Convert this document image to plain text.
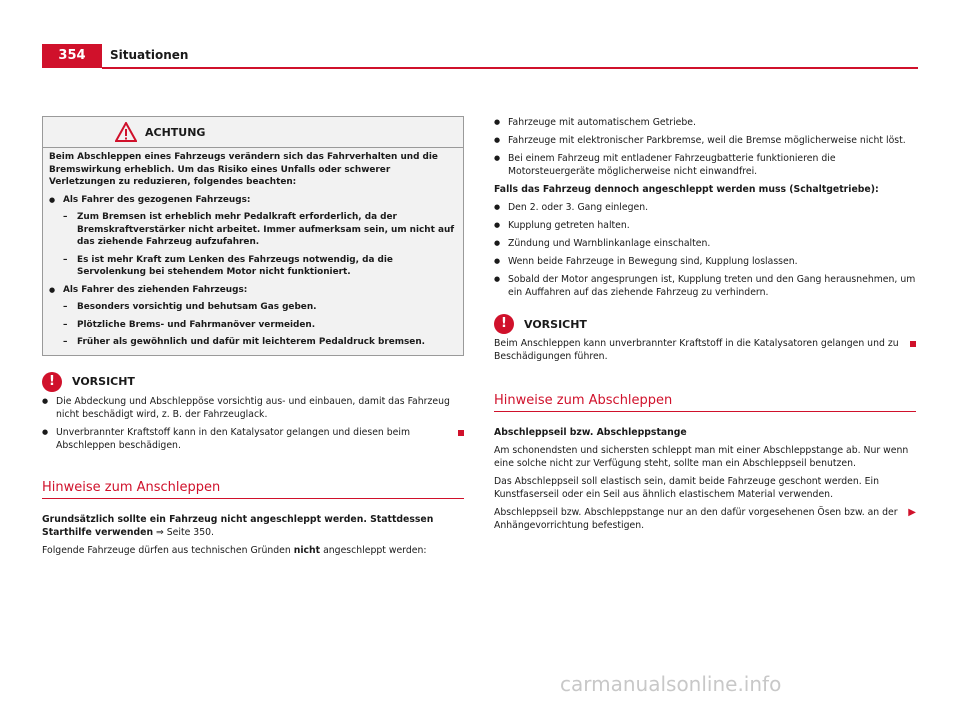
354	Situationen
ACHTUNG

Beim Abschleppen eines Fahrzeugs verändern sich das Fahrverhalten und die Bremswirkung erheblich. Um das Risiko eines Unfalls oder schwerer Verletzungen zu reduzieren, folgendes beachten:

● Als Fahrer des gezogenen Fahrzeugs:
– Zum Bremsen ist erheblich mehr Pedalkraft erforderlich, da der Bremskraftverstärker nicht arbeitet. Immer aufmerksam sein, um nicht auf das ziehende Fahrzeug aufzufahren.
– Es ist mehr Kraft zum Lenken des Fahrzeugs notwendig, da die Servolenkung bei stehendem Motor nicht funktioniert.
● Als Fahrer des ziehenden Fahrzeugs:
– Besonders vorsichtig und behutsam Gas geben.
– Plötzliche Brems- und Fahrmanöver vermeiden.
– Früher als gewöhnlich und dafür mit leichterem Pedaldruck bremsen.
!	VORSICHT
● Die Abdeckung und Abschleppöse vorsichtig aus- und einbauen, damit das Fahrzeug nicht beschädigt wird, z. B. der Fahrzeuglack.
● Unverbrannter Kraftstoff kann in den Katalysator gelangen und diesen beim Abschleppen beschädigen.
Hinweise zum Anschleppen

Grundsätzlich sollte ein Fahrzeug nicht angeschleppt werden. Stattdessen Starthilfe verwenden ⇒ Seite 350.

Folgende Fahrzeuge dürfen aus technischen Gründen nicht angeschleppt werden:

● Fahrzeuge mit automatischem Getriebe.
● Fahrzeuge mit elektronischer Parkbremse, weil die Bremse möglicherweise nicht löst.
● Bei einem Fahrzeug mit entladener Fahrzeugbatterie funktionieren die Motorsteuergeräte möglicherweise nicht einwandfrei.

Falls das Fahrzeug dennoch angeschleppt werden muss (Schaltgetriebe):

● Den 2. oder 3. Gang einlegen.
● Kupplung getreten halten.
● Zündung und Warnblinkanlage einschalten.
● Wenn beide Fahrzeuge in Bewegung sind, Kupplung loslassen.
● Sobald der Motor angesprungen ist, Kupplung treten und den Gang herausnehmen, um ein Auffahren auf das ziehende Fahrzeug zu verhindern.
!	VORSICHT

Beim Anschleppen kann unverbrannter Kraftstoff in die Katalysatoren gelangen und zu Beschädigungen führen.

Hinweise zum Abschleppen

Abschleppseil bzw. Abschleppstange

Am schonendsten und sichersten schleppt man mit einer Abschleppstange ab. Nur wenn eine solche nicht zur Verfügung steht, sollte man ein Abschleppseil benutzen.

Das Abschleppseil soll elastisch sein, damit beide Fahrzeuge geschont werden. Ein Kunstfaserseil oder ein Seil aus ähnlich elastischem Material verwenden.

▶
Abschleppseil bzw. Abschleppstange nur an den dafür vorgesehenen Ösen bzw. an der Anhängevorrichtung befestigen.

carmanualsonline.info
